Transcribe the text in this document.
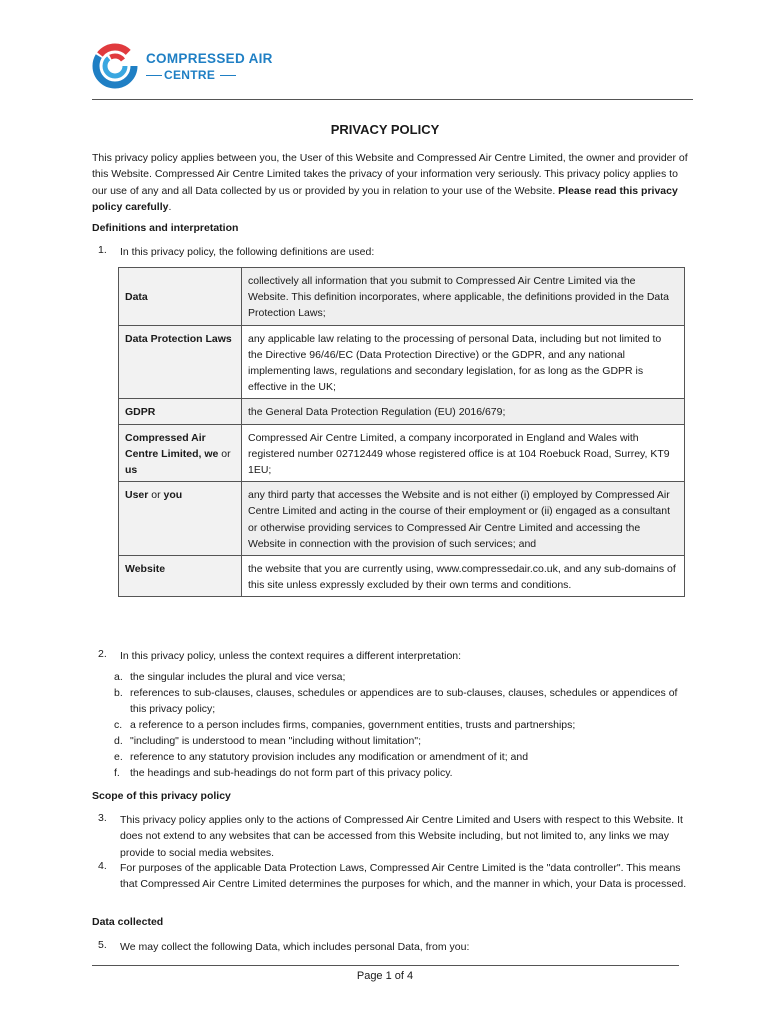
COMPRESSED AIR
CENTRE
PRIVACY POLICY
This privacy policy applies between you, the User of this Website and Compressed Air Centre Limited, the owner and provider of this Website. Compressed Air Centre Limited takes the privacy of your information very seriously. This privacy policy applies to our use of any and all Data collected by us or provided by you in relation to your use of the Website. Please read this privacy policy carefully.
Definitions and interpretation
1. In this privacy policy, the following definitions are used:
Data	collectively all information that you submit to Compressed Air Centre Limited via the Website. This definition incorporates, where applicable, the definitions provided in the Data Protection Laws;
Data Protection Laws	any applicable law relating to the processing of personal Data, including but not limited to the Directive 96/46/EC (Data Protection Directive) or the GDPR, and any national implementing laws, regulations and secondary legislation, for as long as the GDPR is effective in the UK;
GDPR	the General Data Protection Regulation (EU) 2016/679;
Compressed Air Centre Limited, we or us	Compressed Air Centre Limited, a company incorporated in England and Wales with registered number 02712449 whose registered office is at 104 Roebuck Road, Surrey, KT9 1EU;
User or you	any third party that accesses the Website and is not either (i) employed by Compressed Air Centre Limited and acting in the course of their employment or (ii) engaged as a consultant or otherwise providing services to Compressed Air Centre Limited and accessing the Website in connection with the provision of such services; and
Website	the website that you are currently using, www.compressedair.co.uk, and any sub-domains of this site unless expressly excluded by their own terms and conditions.
2. In this privacy policy, unless the context requires a different interpretation:
a. the singular includes the plural and vice versa;
b. references to sub-clauses, clauses, schedules or appendices are to sub-clauses, clauses, schedules or appendices of this privacy policy;
c. a reference to a person includes firms, companies, government entities, trusts and partnerships;
d. "including" is understood to mean "including without limitation";
e. reference to any statutory provision includes any modification or amendment of it; and
f. the headings and sub-headings do not form part of this privacy policy.
Scope of this privacy policy
3. This privacy policy applies only to the actions of Compressed Air Centre Limited and Users with respect to this Website. It does not extend to any websites that can be accessed from this Website including, but not limited to, any links we may provide to social media websites.
4. For purposes of the applicable Data Protection Laws, Compressed Air Centre Limited is the "data controller". This means that Compressed Air Centre Limited determines the purposes for which, and the manner in which, your Data is processed.
Data collected
5. We may collect the following Data, which includes personal Data, from you:
Page 1 of 4
